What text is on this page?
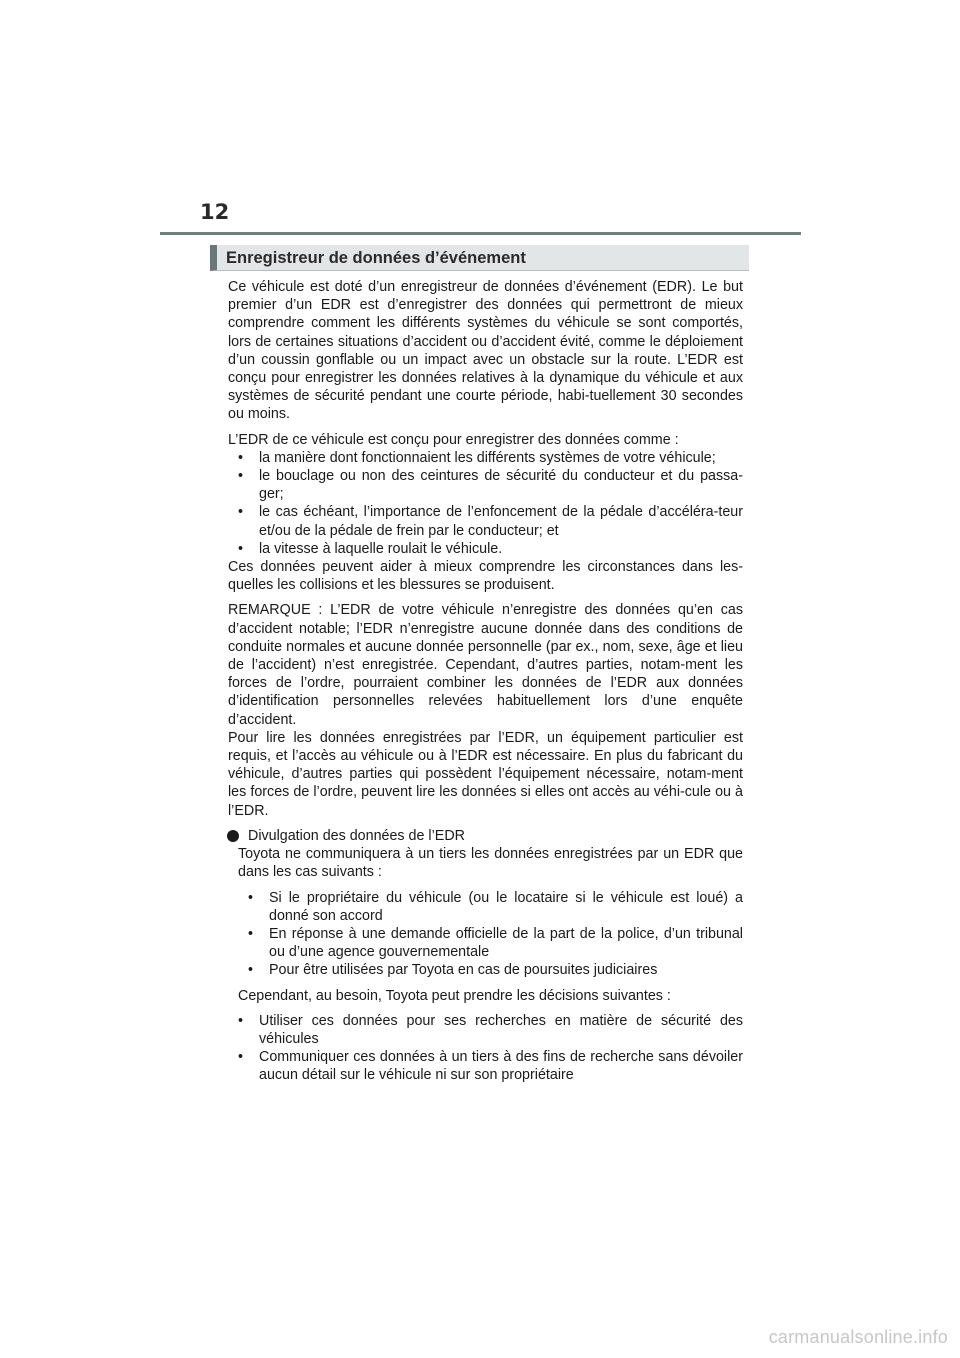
12
Enregistreur de données d’événement

Ce véhicule est doté d’un enregistreur de données d’événement (EDR). Le but premier d’un EDR est d’enregistrer des données qui permettront de mieux comprendre comment les différents systèmes du véhicule se sont comportés, lors de certaines situations d’accident ou d’accident évité, comme le déploiement d’un coussin gonflable ou un impact avec un obstacle sur la route. L’EDR est conçu pour enregistrer les données relatives à la dynamique du véhicule et aux systèmes de sécurité pendant une courte période, habi-tuellement 30 secondes ou moins.

L’EDR de ce véhicule est conçu pour enregistrer des données comme :

• la manière dont fonctionnaient les différents systèmes de votre véhicule;
• le bouclage ou non des ceintures de sécurité du conducteur et du passa-ger;
• le cas échéant, l’importance de l’enfoncement de la pédale d’accéléra-teur et/ou de la pédale de frein par le conducteur; et
• la vitesse à laquelle roulait le véhicule.

Ces données peuvent aider à mieux comprendre les circonstances dans les-quelles les collisions et les blessures se produisent.

REMARQUE : L’EDR de votre véhicule n’enregistre des données qu’en cas d’accident notable; l’EDR n’enregistre aucune donnée dans des conditions de conduite normales et aucune donnée personnelle (par ex., nom, sexe, âge et lieu de l’accident) n’est enregistrée. Cependant, d’autres parties, notam-ment les forces de l’ordre, pourraient combiner les données de l’EDR aux données d’identification personnelles relevées habituellement lors d’une enquête d’accident.

Pour lire les données enregistrées par l’EDR, un équipement particulier est requis, et l’accès au véhicule ou à l’EDR est nécessaire. En plus du fabricant du véhicule, d’autres parties qui possèdent l’équipement nécessaire, notam-ment les forces de l’ordre, peuvent lire les données si elles ont accès au véhi-cule ou à l’EDR.

Divulgation des données de l’EDR

Toyota ne communiquera à un tiers les données enregistrées par un EDR que dans les cas suivants :

• Si le propriétaire du véhicule (ou le locataire si le véhicule est loué) a donné son accord
• En réponse à une demande officielle de la part de la police, d’un tribunal ou d’une agence gouvernementale
• Pour être utilisées par Toyota en cas de poursuites judiciaires

Cependant, au besoin, Toyota peut prendre les décisions suivantes :

• Utiliser ces données pour ses recherches en matière de sécurité des véhicules
• Communiquer ces données à un tiers à des fins de recherche sans dévoiler aucun détail sur le véhicule ni sur son propriétaire
carmanualsonline.info
